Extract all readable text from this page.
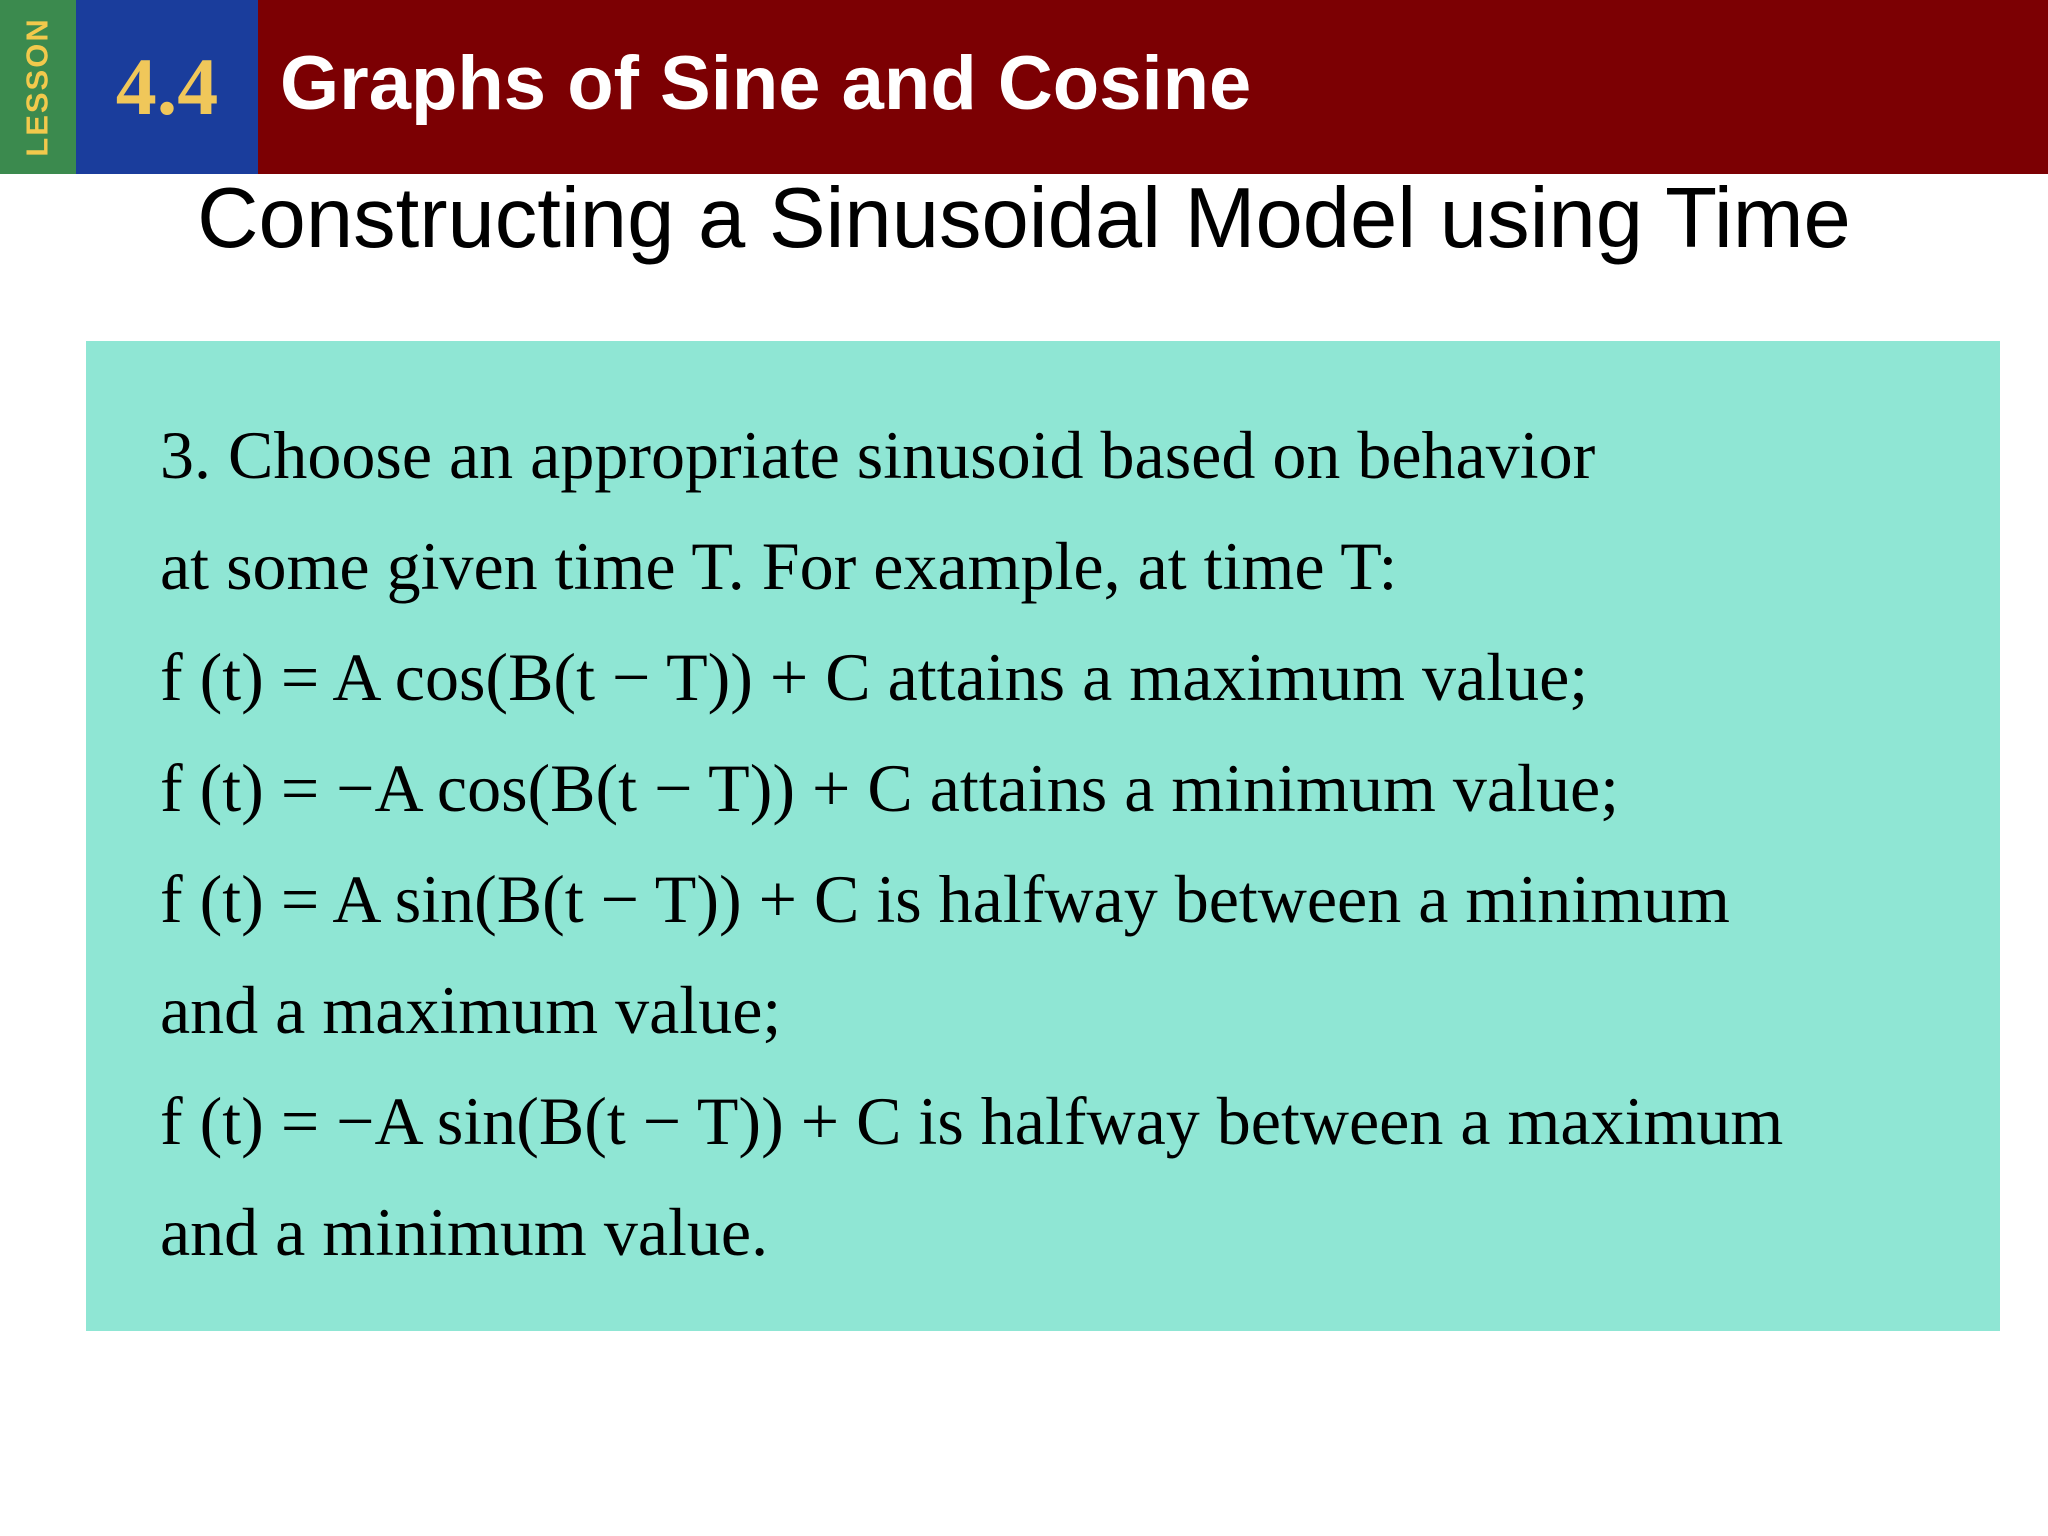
LESSON 4.4 Graphs of Sine and Cosine
Constructing a Sinusoidal Model using Time
3. Choose an appropriate sinusoid based on behavior
at some given time T. For example, at time T:
f (t) = A cos(B(t − T)) + C attains a maximum value;
f (t) = −A cos(B(t − T)) + C attains a minimum value;
f (t) = A sin(B(t − T)) + C is halfway between a minimum
and a maximum value;
f (t) = −A sin(B(t − T)) + C is halfway between a maximum
and a minimum value.
